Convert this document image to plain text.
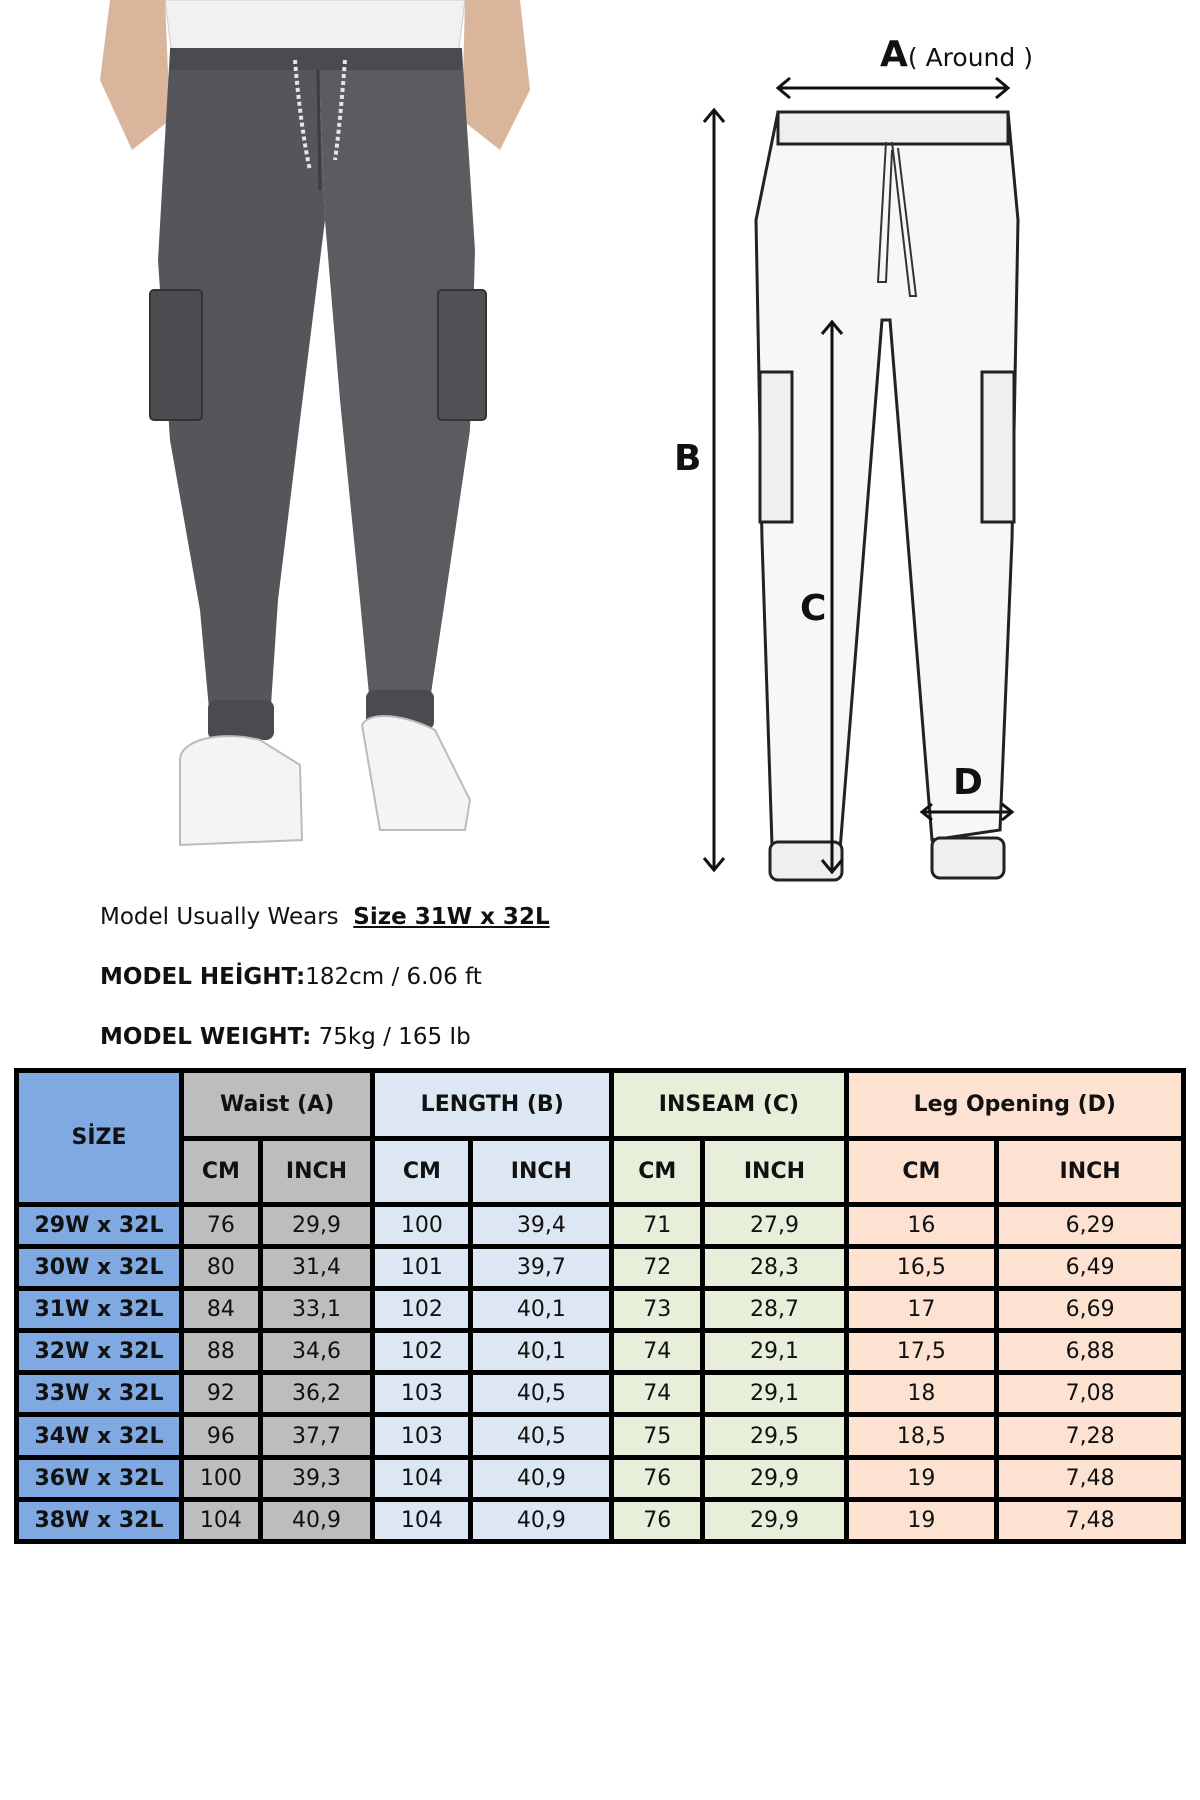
A( Around )
B
C
D
Model Usually Wears Size 31W x 32L
MODEL HEİGHT:182cm / 6.06 ft
MODEL WEIGHT: 75kg / 165 Ib
SİZE	Waist (A)		LENGTH (B)		INSEAM (C)		Leg Opening (D)	
	CM	INCH	CM	INCH	CM	INCH	CM	INCH
29W x 32L	76	29,9	100	39,4	71	27,9	16	6,29
30W x 32L	80	31,4	101	39,7	72	28,3	16,5	6,49
31W x 32L	84	33,1	102	40,1	73	28,7	17	6,69
32W x 32L	88	34,6	102	40,1	74	29,1	17,5	6,88
33W x 32L	92	36,2	103	40,5	74	29,1	18	7,08
34W x 32L	96	37,7	103	40,5	75	29,5	18,5	7,28
36W x 32L	100	39,3	104	40,9	76	29,9	19	7,48
38W x 32L	104	40,9	104	40,9	76	29,9	19	7,48
